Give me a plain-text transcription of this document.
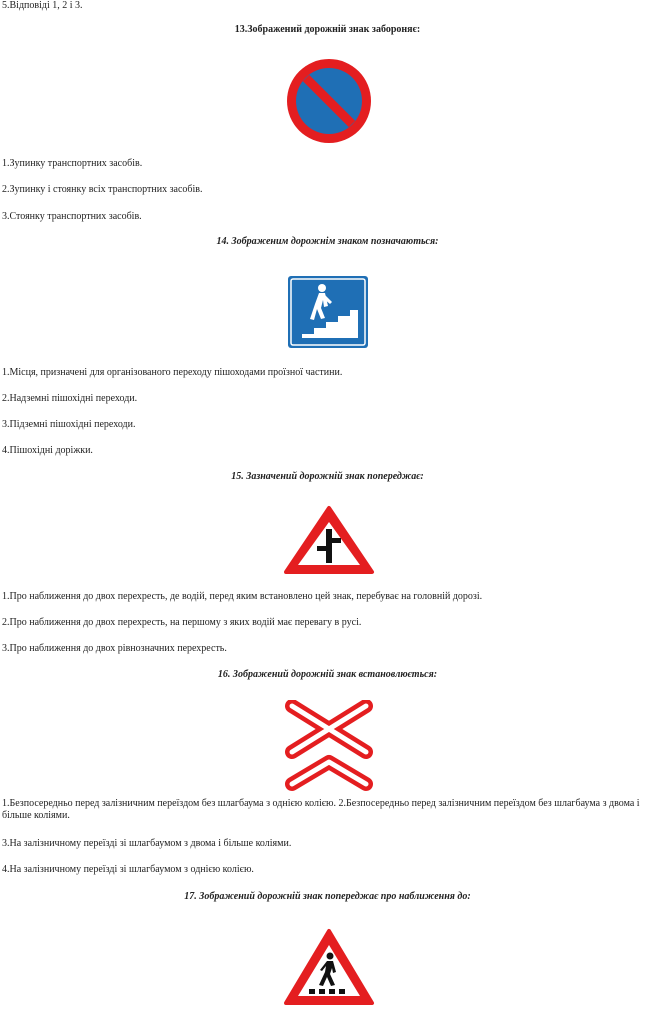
5.Відповіді 1, 2 і 3.
13.Зображений дорожній знак забороняє:
1.Зупинку транспортних засобів.
2.Зупинку і стоянку всіх транспортних засобів.
3.Стоянку транспортних засобів.
14. Зображеним дорожнім знаком позначаються:
1.Місця, призначені для організованого переходу пішоходами проїзної частини.
2.Надземні пішохідні переходи.
3.Підземні пішохідні переходи.
4.Пішохідні доріжки.
15. Зазначений дорожній знак попереджає:
1.Про наближення до двох перехресть, де водій, перед яким встановлено цей знак, перебуває на головній дорозі.
2.Про наближення до двох перехресть, на першому з яких водій має перевагу в русі.
3.Про наближення до двох рівнозначних перехресть.
16. Зображений дорожній знак встановлюється:
1.Безпосередньо перед залізничним переїздом без шлагбаума з однією колією. 2.Безпосередньо перед залізничним переїздом без шлагбаума з двома і більше коліями.
3.На залізничному переїзді зі шлагбаумом з двома і більше коліями.
4.На залізничному переїзді зі шлагбаумом з однією колією.
17. Зображений дорожній знак попереджає про наближення до:
